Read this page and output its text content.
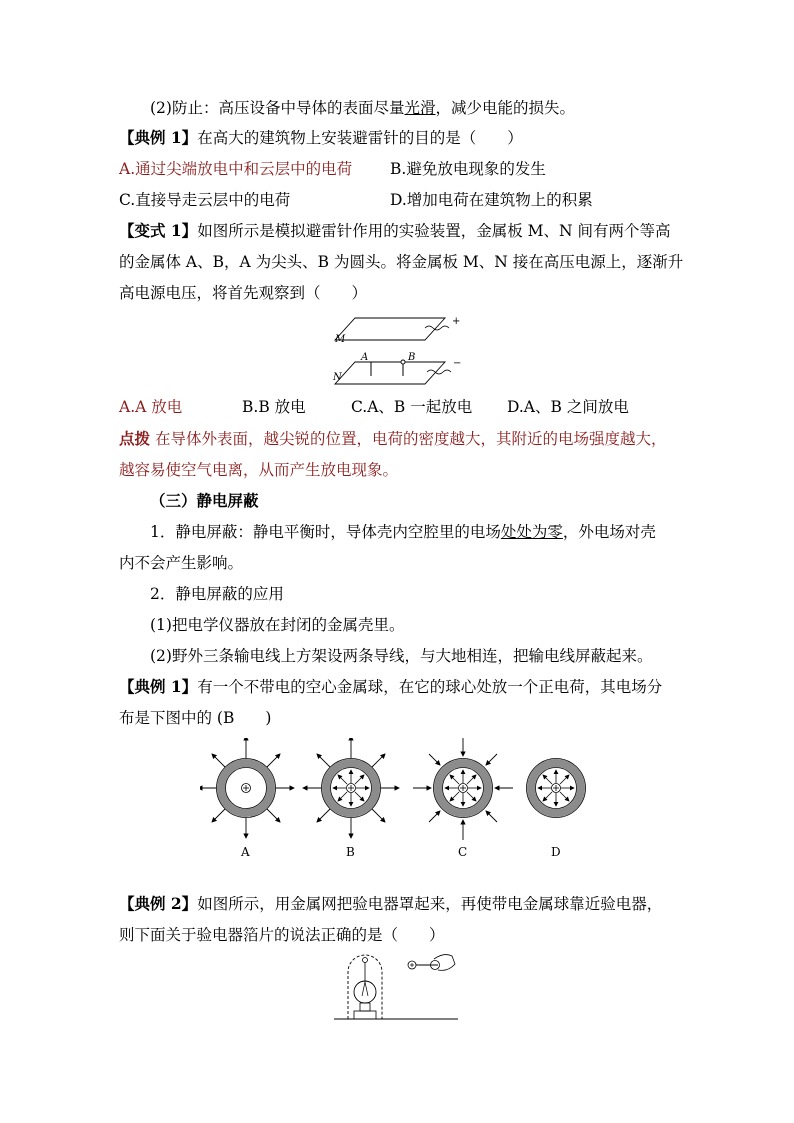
(2)防止：高压设备中导体的表面尽量光滑，减少电能的损失。
【典例 1】在高大的建筑物上安装避雷针的目的是（　　）
A.通过尖端放电中和云层中的电荷 B.避免放电现象的发生
C.直接导走云层中的电荷	D.增加电荷在建筑物上的积累
【变式 1】如图所示是模拟避雷针作用的实验装置，金属板 M、N 间有两个等高
的金属体 A、B，A 为尖头、B 为圆头。将金属板 M、N 接在高压电源上，逐渐升
高电源电压，将首先观察到（　　）
M
+
N
−
A	B
A.A 放电	B.B 放电	C.A、B 一起放电 D.A、B 之间放电
点拨 在导体外表面，越尖锐的位置，电荷的密度越大，其附近的电场强度越大，
越容易使空气电离，从而产生放电现象。
（三）静电屏蔽
1．静电屏蔽：静电平衡时，导体壳内空腔里的电场处处为零，外电场对壳
内不会产生影响。
2．静电屏蔽的应用
(1)把电学仪器放在封闭的金属壳里。
(2)野外三条输电线上方架设两条导线，与大地相连，把输电线屏蔽起来。
【典例 1】有一个不带电的空心金属球，在它的球心处放一个正电荷，其电场分
布是下图中的 (B　　)
A	B	C	D
【典例 2】如图所示，用金属网把验电器罩起来，再使带电金属球靠近验电器，
则下面关于验电器箔片的说法正确的是（　　）
